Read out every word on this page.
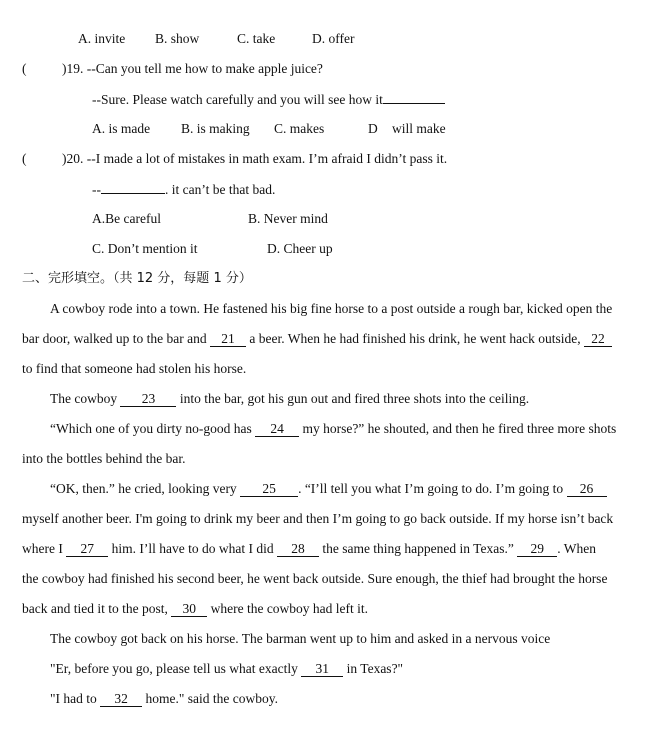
A. invite B. show	C. take	D. offer
(	)19. --Can you tell me how to make apple juice?
--Sure. Please watch carefully and you will see how it
A. is made B. is making C. makes	D will make
(	)20. --I made a lot of mistakes in math exam. I’m afraid I didn’t pass it.
--	. it can’t be that bad.
A.Be careful	B. Never mind
C. Don’t mention it	D. Cheer up
二、完形填空。（共 12 分，每题 1 分）
A cowboy rode into a town. He fastened his big fine horse to a post outside a rough bar, kicked open the
bar door, walked up to the bar and 21 a beer. When he had finished his drink, he went hack outside, 22
to find that someone had stolen his horse.
The cowboy 23 into the bar, got his gun out and fired three shots into the ceiling.
“Which one of you dirty no-good has 24 my horse?” he shouted, and then he fired three more shots
into the bottles behind the bar.
“OK, then.” he cried, looking very 25 . “I’ll tell you what I’m going to do. I’m going to 26
myself another beer. I'm going to drink my beer and then I’m going to go back outside. If my horse isn’t back
where I 27 him. I’ll have to do what I did 28 the same thing happened in Texas.” 29 . When
the cowboy had finished his second beer, he went back outside. Sure enough, the thief had brought the horse
back and tied it to the post, 30 where the cowboy had left it.
The cowboy got back on his horse. The barman went up to him and asked in a nervous voice
"Er, before you go, please tell us what exactly 31 in Texas?"
"I had to 32 home." said the cowboy.
